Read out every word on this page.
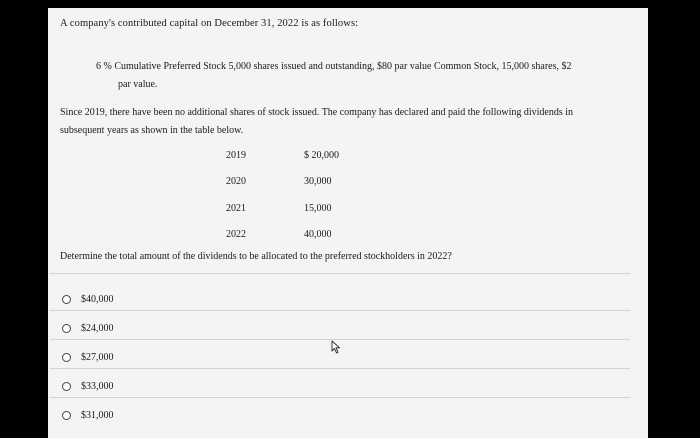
A company's contributed capital on December 31, 2022 is as follows:
6 % Cumulative Preferred Stock 5,000 shares issued and outstanding, $80 par value Common Stock, 15,000 shares, $2
par value.
Since 2019, there have been no additional shares of stock issued. The company has declared and paid the following dividends in
subsequent years as shown in the table below.
2019	$ 20,000
2020	30,000
2021	15,000
2022	40,000
Determine the total amount of the dividends to be allocated to the preferred stockholders in 2022?
$40,000
$24,000
$27,000
$33,000
$31,000
